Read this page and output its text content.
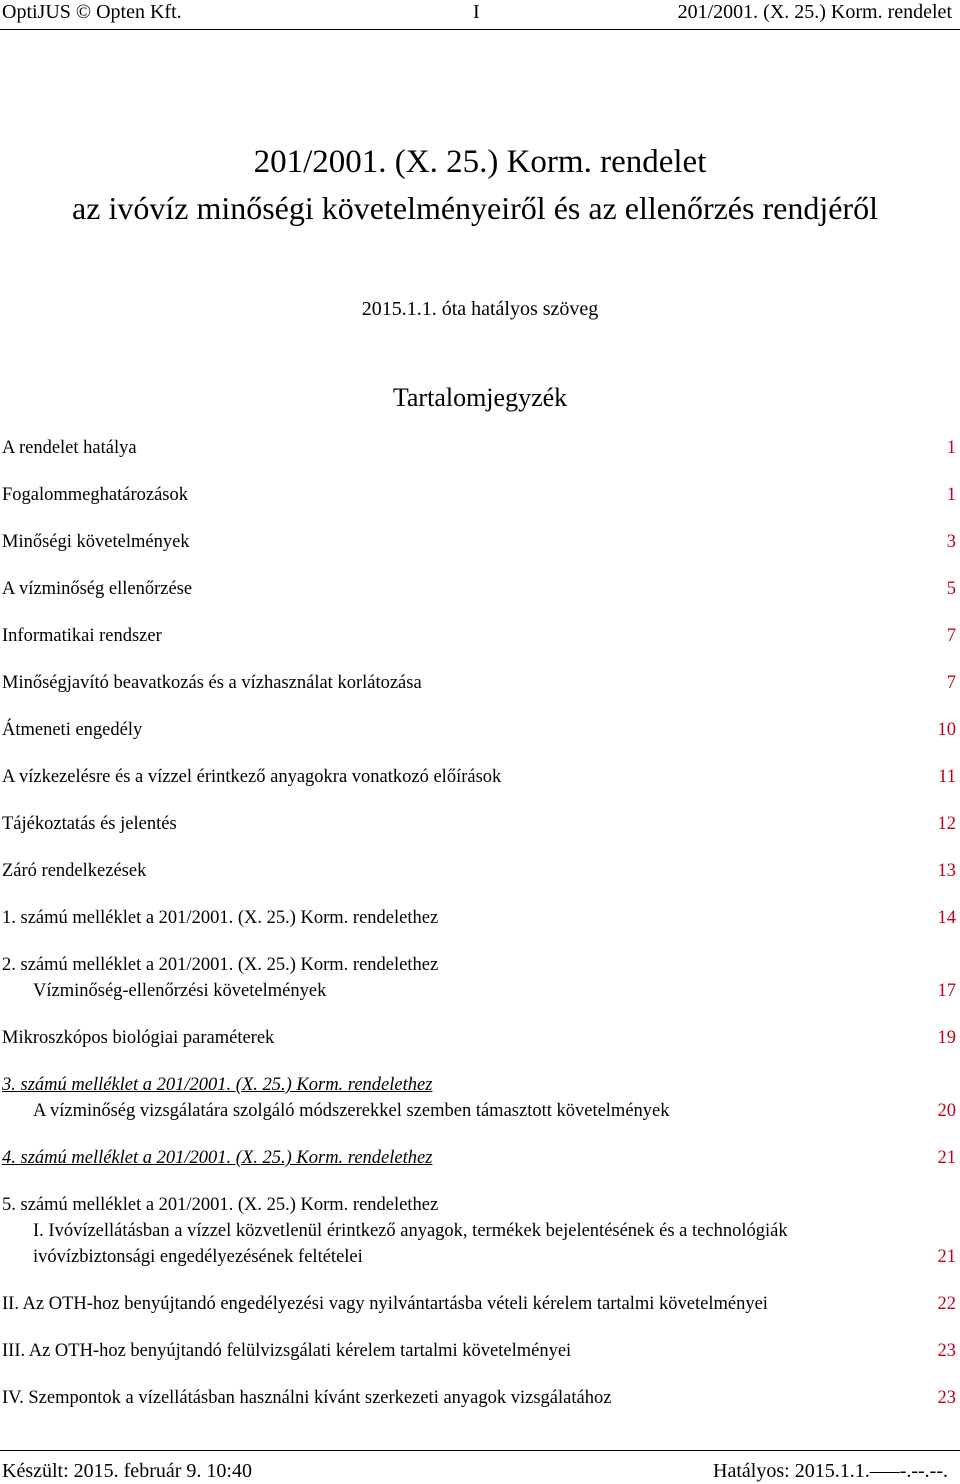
OptiJUS © Opten Kft.	I	201/2001. (X. 25.) Korm. rendelet
201/2001. (X. 25.) Korm. rendelet
az ivóvíz minőségi követelményeiről és az ellenőrzés rendjéről
2015.1.1. óta hatályos szöveg
Tartalomjegyzék
A rendelet hatálya	1
Fogalommeghatározások	1
Minőségi követelmények	3
A vízminőség ellenőrzése	5
Informatikai rendszer	7
Minőségjavító beavatkozás és a vízhasználat korlátozása	7
Átmeneti engedély	10
A vízkezelésre és a vízzel érintkező anyagokra vonatkozó előírások	11
Tájékoztatás és jelentés	12
Záró rendelkezések	13
1. számú melléklet a 201/2001. (X. 25.) Korm. rendelethez	14
2. számú melléklet a 201/2001. (X. 25.) Korm. rendelethez
Vízminőség-ellenőrzési követelmények	17
Mikroszkópos biológiai paraméterek	19
3. számú melléklet a 201/2001. (X. 25.) Korm. rendelethez
A vízminőség vizsgálatára szolgáló módszerekkel szemben támasztott követelmények	20
4. számú melléklet a 201/2001. (X. 25.) Korm. rendelethez	21
5. számú melléklet a 201/2001. (X. 25.) Korm. rendelethez
I. Ivóvízellátásban a vízzel közvetlenül érintkező anyagok, termékek bejelentésének és a technológiák
ivóvízbiztonsági engedélyezésének feltételei	21
II. Az OTH-hoz benyújtandó engedélyezési vagy nyilvántartásba vételi kérelem tartalmi követelményei	22
III. Az OTH-hoz benyújtandó felülvizsgálati kérelem tartalmi követelményei	23
IV. Szempontok a vízellátásban használni kívánt szerkezeti anyagok vizsgálatához	23
Készült: 2015. február 9. 10:40	Hatályos: 2015.1.1.–––-.--.--.
